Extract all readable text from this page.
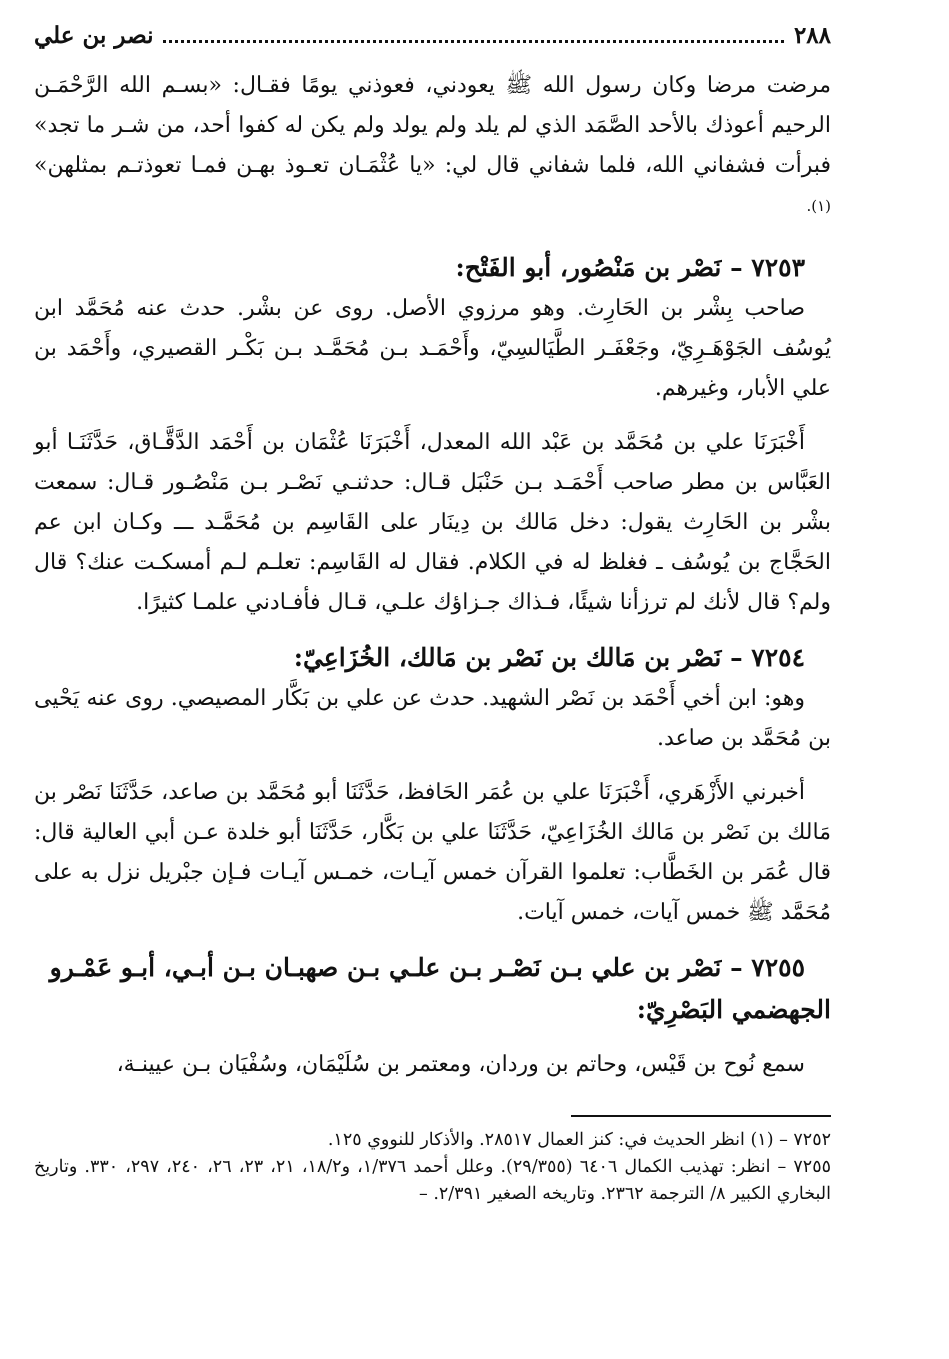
٢٨٨
نصر بن علي

مرضت مرضا وكان رسول الله ﷺ يعودني، فعوذني يومًا فقـال: «بسـم الله الرَّحْمَـن الرحيم أعوذك بالأحد الصَّمَد الذي لم يلد ولم يولد ولم يكن له كفوا أحد، من شـر ما تجد» فبرأت فشفاني الله، فلما شفاني قال لي: «يا عُثْمَـان تعـوذ بهـن فمـا تعوذتـم بمثلهن» $^{(١).}$

٧٢٥٣ – نَصْر بن مَنْصُور، أبو الفَتْح:

صاحب بِشْر بن الحَارِث. وهو مرزوي الأصل. روى عن بشْر. حدث عنه مُحَمَّد ابن يُوسُف الجَوْهَـرِيّ، وجَعْفَـر الطَّيَالسِيّ، وأَحْمَـد بـن مُحَمَّـد بـن بَكْـر القصيري، وأَحْمَد بن علي الأبار، وغيرهم.

أَخْبَرَنَا علي بن مُحَمَّد بن عَبْد الله المعدل، أَخْبَرَنَا عُثْمَان بن أَحْمَد الدَّقَّـاق، حَدَّثَنَـا أبو العَبَّاس بن مطر صاحب أَحْمَـد بـن حَنْبَل قـال: حدثنـي نَصْـر بـن مَنْصُـور قـال: سمعت بشْر بن الحَارِث يقول: دخل مَالك بن دِينَار على القَاسِم بن مُحَمَّـد ـــ وكـان ابن عم الحَجَّاج بن يُوسُف ـ فغلظ له في الكلام. فقال له القَاسِم: تعلـم لـم أمسكـت عنك؟ قال ولم؟ قال لأنك لم ترزأنا شيئًا، فـذاك جـزاؤك علـي، قـال فأفـادني علمـا كثيرًا.

٧٢٥٤ – نَصْر بن مَالك بن نَصْر بن مَالك، الخُزَاعِيّ:

وهو: ابن أخي أَحْمَد بن نَصْر الشهيد. حدث عن علي بن بَكَّار المصيصي. روى عنه يَحْيى بن مُحَمَّد بن صاعد.

أخبرني الأَزْهَري، أَخْبَرَنَا علي بن عُمَر الحَافظ، حَدَّثَنَا أبو مُحَمَّد بن صاعد، حَدَّثَنَا نَصْر بن مَالك بن نَصْر بن مَالك الخُزَاعِيّ، حَدَّثَنَا علي بن بَكَّار، حَدَّثَنَا أبو خلدة عـن أبي العالية قال: قال عُمَر بن الخَطَّاب: تعلموا القرآن خمس آيـات، خمـس آيـات فـإن جبْريل نزل به على مُحَمَّد ﷺ خمس آيات، خمس آيات.

٧٢٥٥ – نَصْر بن علي بـن نَصْـر بـن علـي بـن صهبـان بـن أبـي، أبـو عَمْـرو الجهضمي البَصْرِيّ:

سمع نُوح بن قَيْس، وحاتم بن وردان، ومعتمر بن سُلَيْمَان، وسُفْيَان بـن عيينـة،

٧٢٥٢ – (١) انظر الحديث في: كنز العمال ٢٨٥١٧. والأذكار للنووي ١٢٥.

٧٢٥٥ – انظر: تهذيب الكمال ٦٤٠٦ (٢٩/٣٥٥). وعلل أحمد ١/٣٧٦، و١٨/٢، ٢١، ٢٣، ٢٦، ٢٤٠، ٢٩٧، ٣٣٠. وتاريخ البخاري الكبير ٨/ الترجمة ٢٣٦٢. وتاريخه الصغير ٢/٣٩١. –
